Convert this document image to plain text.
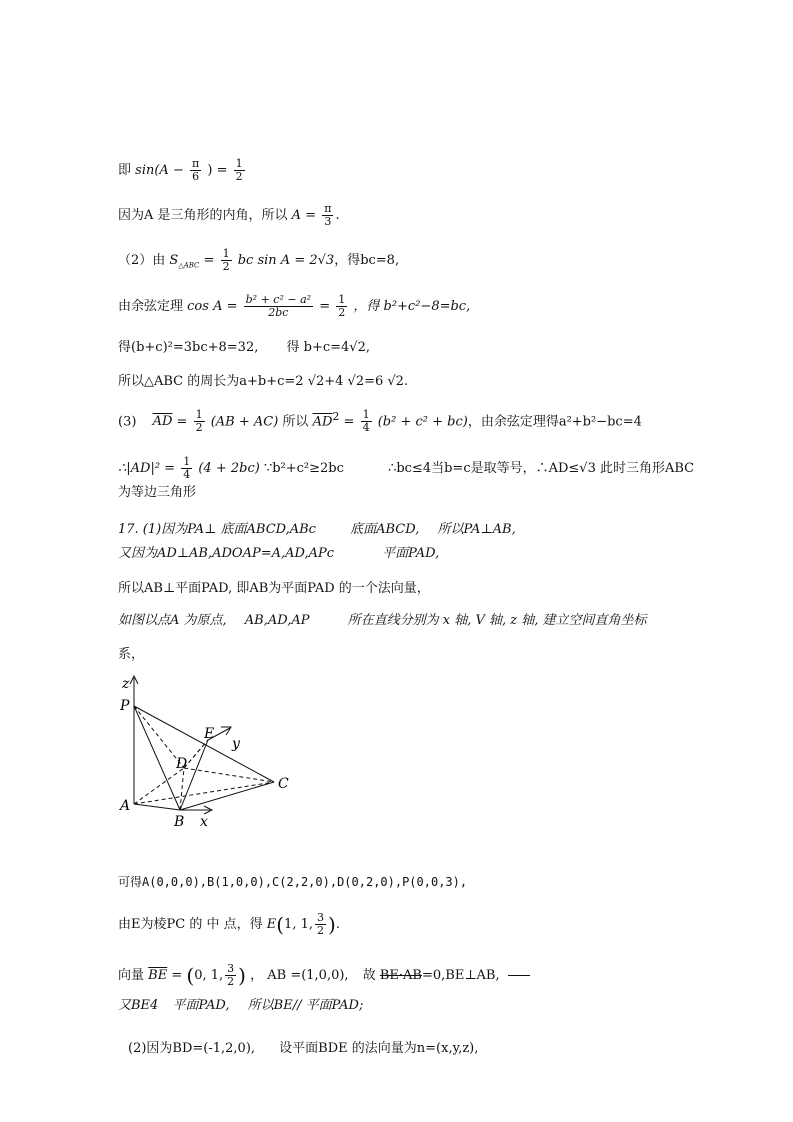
即 $\sin(A - \frac{\pi}{6}$ ) = $\frac{1}{2}$
因为A 是三角形的内角，所以 $A = \frac{\pi}{3}$ .
（2）由 $S_{\triangle ABC} = \frac{1}{2}$ bc sin A = 2√3，得bc=8,
由余弦定理 $\cos A = \frac{\text{b² + c² − a²}}{2bc} = \frac{1}{2}$ ，得 b²+c²−8=bc,
得(b+c)²=3bc+8=32, 得 b+c=4√2,
所以△ABC 的周长为a+b+c=2 √2+4 √2=6 √2.
(3) $\overline{AD} = \frac{1}{2} (AB + AC)$ 所以 $\overline{AD}^2 = \frac{1}{4} (b^2 + c^2 + bc)$，由余弦定理得a²+b²−bc=4
∴|AD|² = $\frac{1}{4} (4 + 2bc)$ ∵b²+c²≥2bc	∴bc≤4当b=c是取等号，∴AD≤√3 此时三角形ABC
为等边三角形
17. (1)因为PA⊥ 底面ABCD,ABc	底面ABCD, 所以PA⊥AB,
又因为AD⊥AB,ADOAP=A,AD,APc	平面PAD,
所以AB⊥平面PAD, 即AB为平面PAD 的一个法向量，
如图以点A 为原点, AB,AD,AP	所在直线分别为 x 轴, V 轴, z 轴, 建立空间直角坐标
系，
z
P
E
y
D
C
A
B x
可得A(0,0,0),B(1,0,0),C(2,2,0),D(0,2,0),P(0,0,3),
由E为棱PC 的 中 点，得 E(1, 1, $\frac{3}{2}$ ).
向量 $\overline{BE} = (0$, 1, $\frac{3}{2}$ ) ， AB =(1,0,0), 故 BE·AB=0,BE⊥AB,
又BE4 平面PAD, 所以BE// 平面PAD;
(2)因为BD=(-1,2,0), 设平面BDE 的法向量为n=(x,y,z),
